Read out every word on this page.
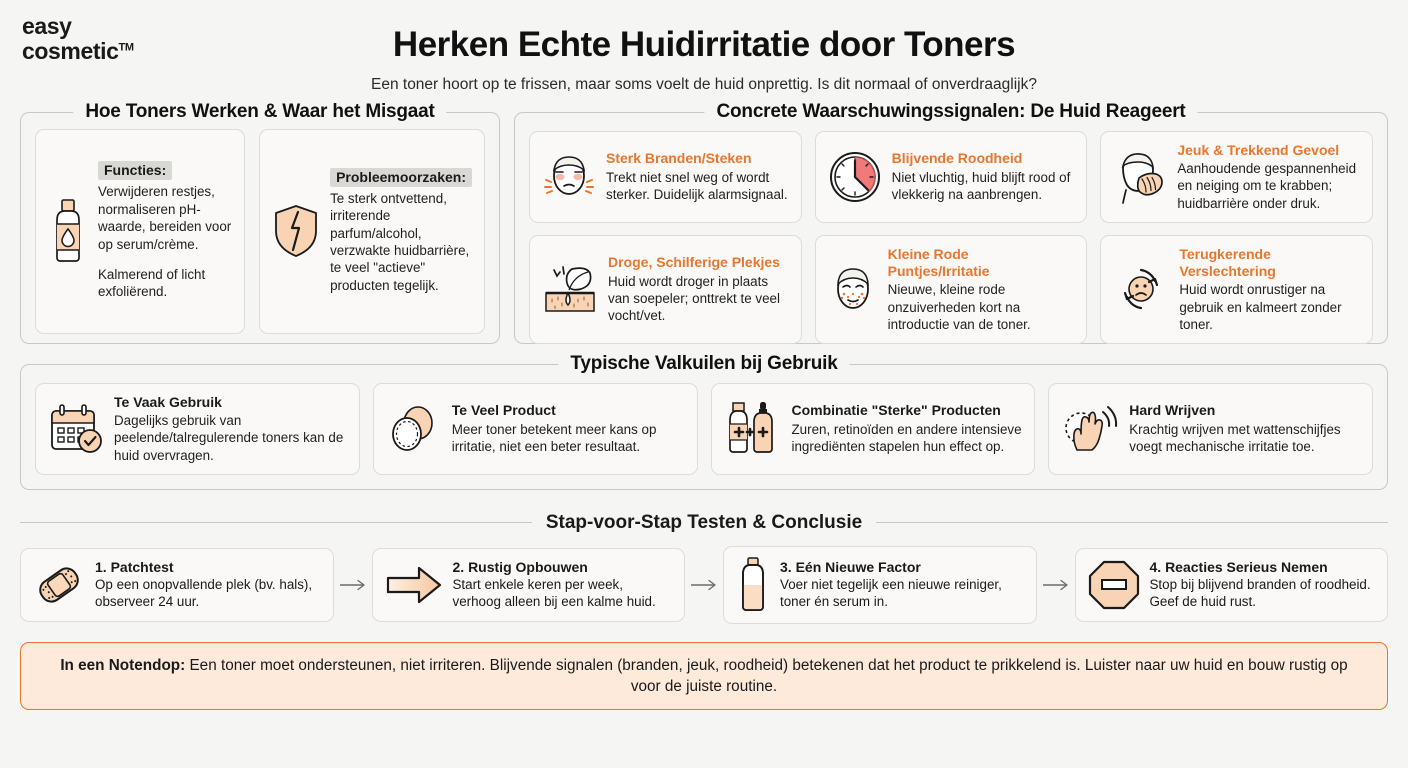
easy
cosmetic™	Herken Echte Huidirritatie door Toners
Een toner hoort op te frissen, maar soms voelt de huid onprettig. Is dit normaal of onverdraaglijk?
Hoe Toners Werken & Waar het Misgaat
Functies:
Verwijderen restjes, normaliseren pH-waarde, bereiden voor op serum/crème.
Kalmerend of licht exfoliërend.
Probleemoorzaken:
Te sterk ontvettend, irriterende parfum/alcohol, verzwakte huidbarrière, te veel "actieve" producten tegelijk.
Concrete Waarschuwingssignalen: De Huid Reageert
Sterk Branden/Steken
Trekt niet snel weg of wordt sterker. Duidelijk alarmsignaal.
Blijvende Roodheid
Niet vluchtig, huid blijft rood of vlekkerig na aanbrengen.
Jeuk & Trekkend Gevoel
Aanhoudende gespannenheid en neiging om te krabben; huidbarrière onder druk.
Droge, Schilferige Plekjes
Huid wordt droger in plaats van soepeler; onttrekt te veel vocht/vet.
Kleine Rode Puntjes/Irritatie
Nieuwe, kleine rode onzuiverheden kort na introductie van de toner.
Terugkerende Verslechtering
Huid wordt onrustiger na gebruik en kalmeert zonder toner.
Typische Valkuilen bij Gebruik
Te Vaak Gebruik
Dagelijks gebruik van peelende/talregulerende toners kan de huid overvragen.
Te Veel Product
Meer toner betekent meer kans op irritatie, niet een beter resultaat.
Combinatie "Sterke" Producten
Zuren, retinoïden en andere intensieve ingrediënten stapelen hun effect op.
Hard Wrijven
Krachtig wrijven met wattenschijfjes voegt mechanische irritatie toe.
Stap-voor-Stap Testen & Conclusie
1. Patchtest
Op een onopvallende plek (bv. hals), observeer 24 uur.
2. Rustig Opbouwen
Start enkele keren per week, verhoog alleen bij een kalme huid.
3. Eén Nieuwe Factor
Voer niet tegelijk een nieuwe reiniger, toner én serum in.
4. Reacties Serieus Nemen
Stop bij blijvend branden of roodheid. Geef de huid rust.
In een Notendop: Een toner moet ondersteunen, niet irriteren. Blijvende signalen (branden, jeuk, roodheid) betekenen dat het product te prikkelend is. Luister naar uw huid en bouw rustig op voor de juiste routine.
